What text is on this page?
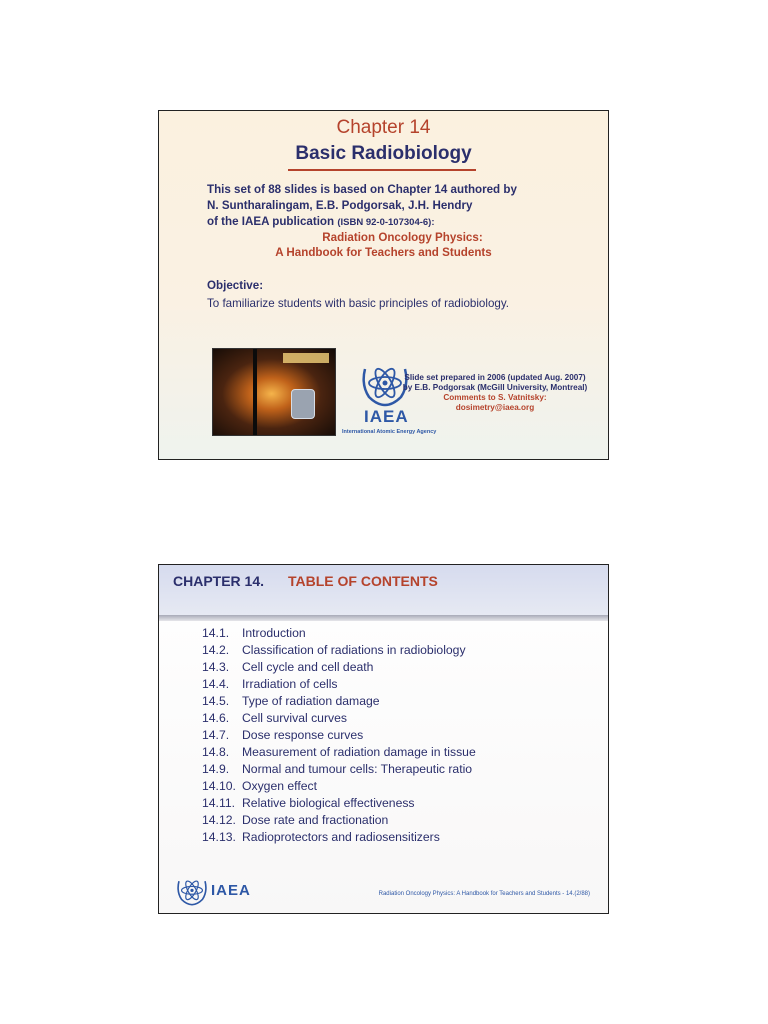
Chapter 14
Basic Radiobiology
This set of 88 slides is based on Chapter 14 authored by
N. Suntharalingam, E.B. Podgorsak, J.H. Hendry
of the IAEA publication (ISBN 92-0-107304-6):
Radiation Oncology Physics:
A Handbook for Teachers and Students
Objective:
To familiarize students with basic principles of radiobiology.
IAEA
International Atomic Energy Agency
Slide set prepared in 2006 (updated Aug. 2007)
by E.B. Podgorsak (McGill University, Montreal)
Comments to S. Vatnitsky:
dosimetry@iaea.org
CHAPTER 14. TABLE OF CONTENTS
14.1. Introduction
14.2. Classification of radiations in radiobiology
14.3. Cell cycle and cell death
14.4. Irradiation of cells
14.5. Type of radiation damage
14.6. Cell survival curves
14.7. Dose response curves
14.8. Measurement of radiation damage in tissue
14.9. Normal and tumour cells: Therapeutic ratio
14.10. Oxygen effect
14.11. Relative biological effectiveness
14.12. Dose rate and fractionation
14.13. Radioprotectors and radiosensitizers
IAEA	Radiation Oncology Physics: A Handbook for Teachers and Students - 14.(2/88)
